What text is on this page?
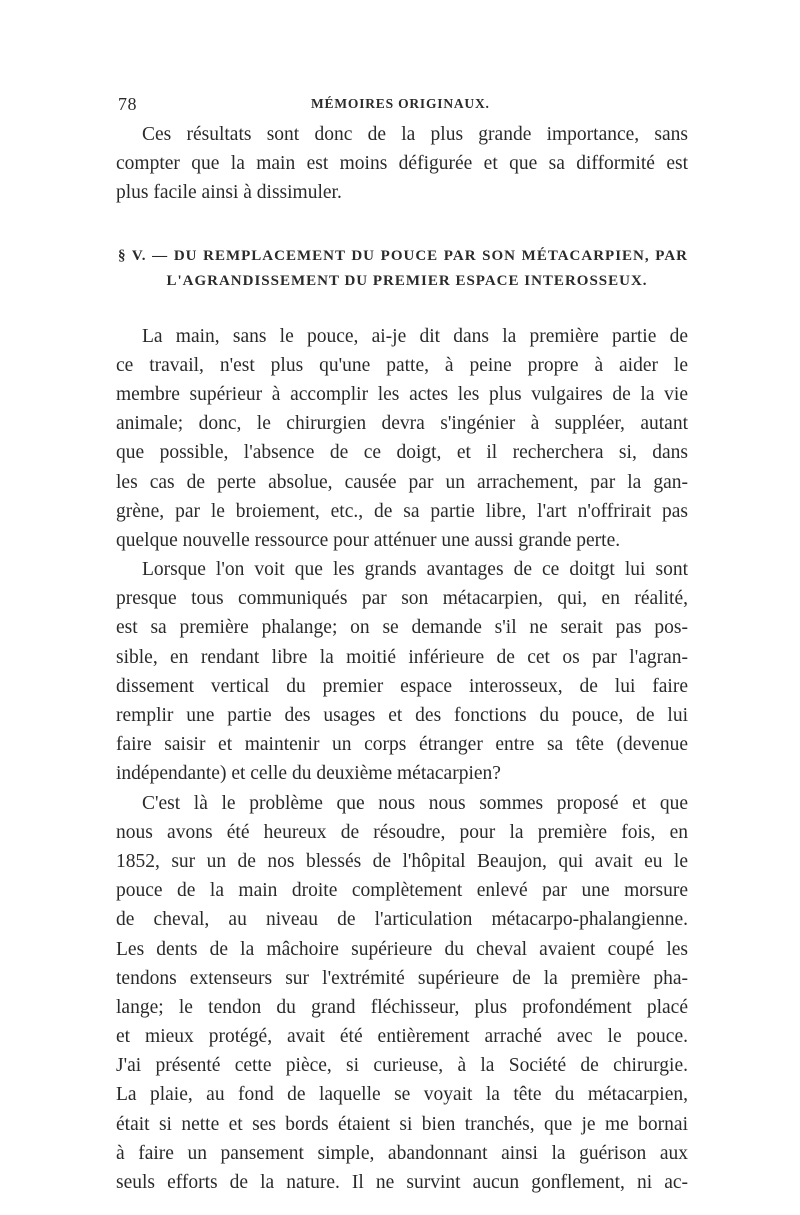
78	MÉMOIRES ORIGINAUX.
Ces résultats sont donc de la plus grande importance, sans
compter que la main est moins défigurée et que sa difformité est
plus facile ainsi à dissimuler.
§ V. — DU REMPLACEMENT DU POUCE PAR SON MÉTACARPIEN, PAR
L'AGRANDISSEMENT DU PREMIER ESPACE INTEROSSEUX.
La main, sans le pouce, ai-je dit dans la première partie de
ce travail, n'est plus qu'une patte, à peine propre à aider le
membre supérieur à accomplir les actes les plus vulgaires de la vie
animale; donc, le chirurgien devra s'ingénier à suppléer, autant
que possible, l'absence de ce doigt, et il recherchera si, dans
les cas de perte absolue, causée par un arrachement, par la gan-
grène, par le broiement, etc., de sa partie libre, l'art n'offrirait pas
quelque nouvelle ressource pour atténuer une aussi grande perte.
Lorsque l'on voit que les grands avantages de ce doitgt lui sont
presque tous communiqués par son métacarpien, qui, en réalité,
est sa première phalange; on se demande s'il ne serait pas pos-
sible, en rendant libre la moitié inférieure de cet os par l'agran-
dissement vertical du premier espace interosseux, de lui faire
remplir une partie des usages et des fonctions du pouce, de lui
faire saisir et maintenir un corps étranger entre sa tête (devenue
indépendante) et celle du deuxième métacarpien?
C'est là le problème que nous nous sommes proposé et que
nous avons été heureux de résoudre, pour la première fois, en
1852, sur un de nos blessés de l'hôpital Beaujon, qui avait eu le
pouce de la main droite complètement enlevé par une morsure
de cheval, au niveau de l'articulation métacarpo-phalangienne.
Les dents de la mâchoire supérieure du cheval avaient coupé les
tendons extenseurs sur l'extrémité supérieure de la première pha-
lange; le tendon du grand fléchisseur, plus profondément placé
et mieux protégé, avait été entièrement arraché avec le pouce.
J'ai présenté cette pièce, si curieuse, à la Société de chirurgie.
La plaie, au fond de laquelle se voyait la tête du métacarpien,
était si nette et ses bords étaient si bien tranchés, que je me bornai
à faire un pansement simple, abandonnant ainsi la guérison aux
seuls efforts de la nature. Il ne survint aucun gonflement, ni ac-
